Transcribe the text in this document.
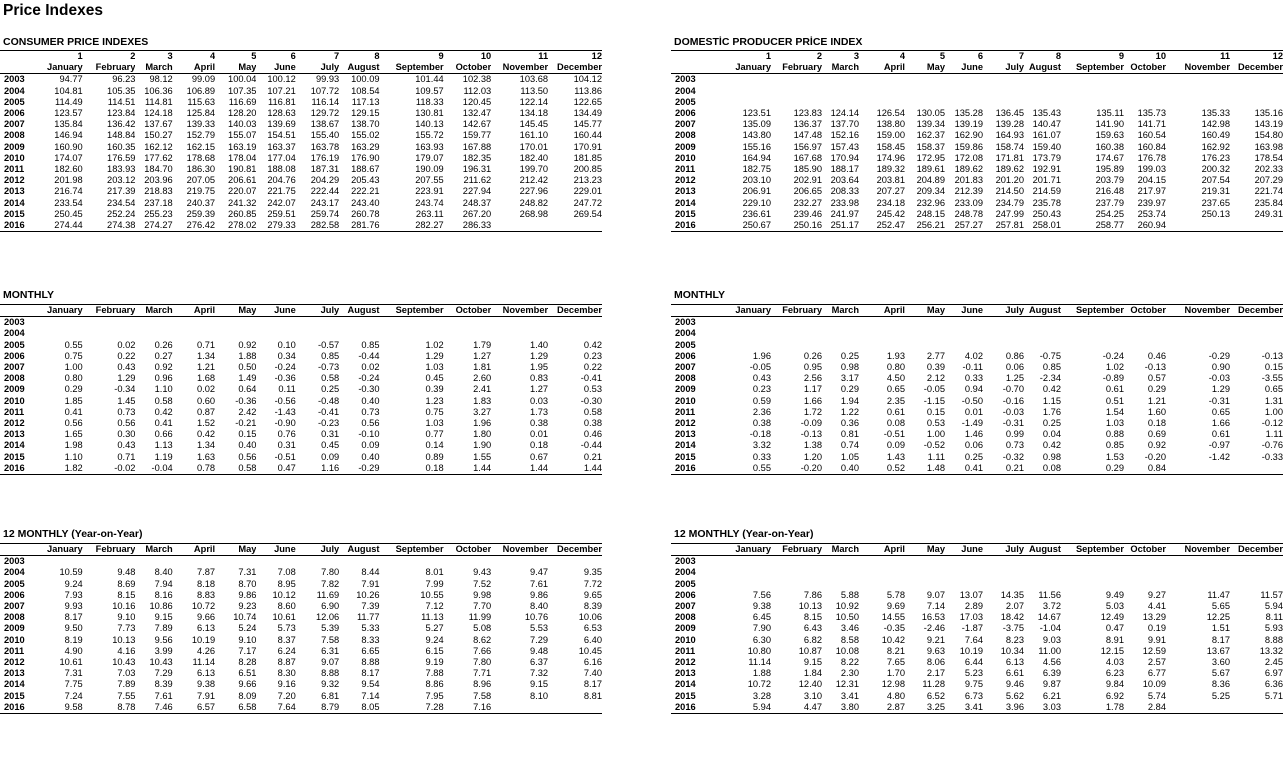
Price Indexes
CONSUMER PRICE INDEXES
	1	2	3	4	5	6	7	8	9	10	11	12
	January	February	March	April	May	June	July	August	September	October	November	December
2003	94.77	96.23	98.12	99.09	100.04	100.12	99.93	100.09	101.44	102.38	103.68	104.12
2004	104.81	105.35	106.36	106.89	107.35	107.21	107.72	108.54	109.57	112.03	113.50	113.86
2005	114.49	114.51	114.81	115.63	116.69	116.81	116.14	117.13	118.33	120.45	122.14	122.65
2006	123.57	123.84	124.18	125.84	128.20	128.63	129.72	129.15	130.81	132.47	134.18	134.49
2007	135.84	136.42	137.67	139.33	140.03	139.69	138.67	138.70	140.13	142.67	145.45	145.77
2008	146.94	148.84	150.27	152.79	155.07	154.51	155.40	155.02	155.72	159.77	161.10	160.44
2009	160.90	160.35	162.12	162.15	163.19	163.37	163.78	163.29	163.93	167.88	170.01	170.91
2010	174.07	176.59	177.62	178.68	178.04	177.04	176.19	176.90	179.07	182.35	182.40	181.85
2011	182.60	183.93	184.70	186.30	190.81	188.08	187.31	188.67	190.09	196.31	199.70	200.85
2012	201.98	203.12	203.96	207.05	206.61	204.76	204.29	205.43	207.55	211.62	212.42	213.23
2013	216.74	217.39	218.83	219.75	220.07	221.75	222.44	222.21	223.91	227.94	227.96	229.01
2014	233.54	234.54	237.18	240.37	241.32	242.07	243.17	243.40	243.74	248.37	248.82	247.72
2015	250.45	252.24	255.23	259.39	260.85	259.51	259.74	260.78	263.11	267.20	268.98	269.54
2016	274.44	274.38	274.27	276.42	278.02	279.33	282.58	281.76	282.27	286.33		
DOMESTİC PRODUCER PRİCE INDEX
	1	2	3	4	5	6	7	8	9	10	11	12
	January	February	March	April	May	June	July	August	September	October	November	December
2003												
2004												
2005												
2006	123.51	123.83	124.14	126.54	130.05	135.28	136.45	135.43	135.11	135.73	135.33	135.16
2007	135.09	136.37	137.70	138.80	139.34	139.19	139.28	140.47	141.90	141.71	142.98	143.19
2008	143.80	147.48	152.16	159.00	162.37	162.90	164.93	161.07	159.63	160.54	160.49	154.80
2009	155.16	156.97	157.43	158.45	158.37	159.86	158.74	159.40	160.38	160.84	162.92	163.98
2010	164.94	167.68	170.94	174.96	172.95	172.08	171.81	173.79	174.67	176.78	176.23	178.54
2011	182.75	185.90	188.17	189.32	189.61	189.62	189.62	192.91	195.89	199.03	200.32	202.33
2012	203.10	202.91	203.64	203.81	204.89	201.83	201.20	201.71	203.79	204.15	207.54	207.29
2013	206.91	206.65	208.33	207.27	209.34	212.39	214.50	214.59	216.48	217.97	219.31	221.74
2014	229.10	232.27	233.98	234.18	232.96	233.09	234.79	235.78	237.79	239.97	237.65	235.84
2015	236.61	239.46	241.97	245.42	248.15	248.78	247.99	250.43	254.25	253.74	250.13	249.31
2016	250.67	250.16	251.17	252.47	256.21	257.27	257.81	258.01	258.77	260.94		
MONTHLY
	January	February	March	April	May	June	July	August	September	October	November	December
2003												
2004												
2005	0.55	0.02	0.26	0.71	0.92	0.10	-0.57	0.85	1.02	1.79	1.40	0.42
2006	0.75	0.22	0.27	1.34	1.88	0.34	0.85	-0.44	1.29	1.27	1.29	0.23
2007	1.00	0.43	0.92	1.21	0.50	-0.24	-0.73	0.02	1.03	1.81	1.95	0.22
2008	0.80	1.29	0.96	1.68	1.49	-0.36	0.58	-0.24	0.45	2.60	0.83	-0.41
2009	0.29	-0.34	1.10	0.02	0.64	0.11	0.25	-0.30	0.39	2.41	1.27	0.53
2010	1.85	1.45	0.58	0.60	-0.36	-0.56	-0.48	0.40	1.23	1.83	0.03	-0.30
2011	0.41	0.73	0.42	0.87	2.42	-1.43	-0.41	0.73	0.75	3.27	1.73	0.58
2012	0.56	0.56	0.41	1.52	-0.21	-0.90	-0.23	0.56	1.03	1.96	0.38	0.38
2013	1.65	0.30	0.66	0.42	0.15	0.76	0.31	-0.10	0.77	1.80	0.01	0.46
2014	1.98	0.43	1.13	1.34	0.40	0.31	0.45	0.09	0.14	1.90	0.18	-0.44
2015	1.10	0.71	1.19	1.63	0.56	-0.51	0.09	0.40	0.89	1.55	0.67	0.21
2016	1.82	-0.02	-0.04	0.78	0.58	0.47	1.16	-0.29	0.18	1.44	1.44	1.44
MONTHLY
	January	February	March	April	May	June	July	August	September	October	November	December
2003												
2004												
2005												
2006	1.96	0.26	0.25	1.93	2.77	4.02	0.86	-0.75	-0.24	0.46	-0.29	-0.13
2007	-0.05	0.95	0.98	0.80	0.39	-0.11	0.06	0.85	1.02	-0.13	0.90	0.15
2008	0.43	2.56	3.17	4.50	2.12	0.33	1.25	-2.34	-0.89	0.57	-0.03	-3.55
2009	0.23	1.17	0.29	0.65	-0.05	0.94	-0.70	0.42	0.61	0.29	1.29	0.65
2010	0.59	1.66	1.94	2.35	-1.15	-0.50	-0.16	1.15	0.51	1.21	-0.31	1.31
2011	2.36	1.72	1.22	0.61	0.15	0.01	-0.03	1.76	1.54	1.60	0.65	1.00
2012	0.38	-0.09	0.36	0.08	0.53	-1.49	-0.31	0.25	1.03	0.18	1.66	-0.12
2013	-0.18	-0.13	0.81	-0.51	1.00	1.46	0.99	0.04	0.88	0.69	0.61	1.11
2014	3.32	1.38	0.74	0.09	-0.52	0.06	0.73	0.42	0.85	0.92	-0.97	-0.76
2015	0.33	1.20	1.05	1.43	1.11	0.25	-0.32	0.98	1.53	-0.20	-1.42	-0.33
2016	0.55	-0.20	0.40	0.52	1.48	0.41	0.21	0.08	0.29	0.84		
12 MONTHLY (Year-on-Year)
	January	February	March	April	May	June	July	August	September	October	November	December
2003												
2004	10.59	9.48	8.40	7.87	7.31	7.08	7.80	8.44	8.01	9.43	9.47	9.35
2005	9.24	8.69	7.94	8.18	8.70	8.95	7.82	7.91	7.99	7.52	7.61	7.72
2006	7.93	8.15	8.16	8.83	9.86	10.12	11.69	10.26	10.55	9.98	9.86	9.65
2007	9.93	10.16	10.86	10.72	9.23	8.60	6.90	7.39	7.12	7.70	8.40	8.39
2008	8.17	9.10	9.15	9.66	10.74	10.61	12.06	11.77	11.13	11.99	10.76	10.06
2009	9.50	7.73	7.89	6.13	5.24	5.73	5.39	5.33	5.27	5.08	5.53	6.53
2010	8.19	10.13	9.56	10.19	9.10	8.37	7.58	8.33	9.24	8.62	7.29	6.40
2011	4.90	4.16	3.99	4.26	7.17	6.24	6.31	6.65	6.15	7.66	9.48	10.45
2012	10.61	10.43	10.43	11.14	8.28	8.87	9.07	8.88	9.19	7.80	6.37	6.16
2013	7.31	7.03	7.29	6.13	6.51	8.30	8.88	8.17	7.88	7.71	7.32	7.40
2014	7.75	7.89	8.39	9.38	9.66	9.16	9.32	9.54	8.86	8.96	9.15	8.17
2015	7.24	7.55	7.61	7.91	8.09	7.20	6.81	7.14	7.95	7.58	8.10	8.81
2016	9.58	8.78	7.46	6.57	6.58	7.64	8.79	8.05	7.28	7.16		
12 MONTHLY (Year-on-Year)
	January	February	March	April	May	June	July	August	September	October	November	December
2003												
2004												
2005												
2006	7.56	7.86	5.88	5.78	9.07	13.07	14.35	11.56	9.49	9.27	11.47	11.57
2007	9.38	10.13	10.92	9.69	7.14	2.89	2.07	3.72	5.03	4.41	5.65	5.94
2008	6.45	8.15	10.50	14.55	16.53	17.03	18.42	14.67	12.49	13.29	12.25	8.11
2009	7.90	6.43	3.46	-0.35	-2.46	-1.87	-3.75	-1.04	0.47	0.19	1.51	5.93
2010	6.30	6.82	8.58	10.42	9.21	7.64	8.23	9.03	8.91	9.91	8.17	8.88
2011	10.80	10.87	10.08	8.21	9.63	10.19	10.34	11.00	12.15	12.59	13.67	13.32
2012	11.14	9.15	8.22	7.65	8.06	6.44	6.13	4.56	4.03	2.57	3.60	2.45
2013	1.88	1.84	2.30	1.70	2.17	5.23	6.61	6.39	6.23	6.77	5.67	6.97
2014	10.72	12.40	12.31	12.98	11.28	9.75	9.46	9.87	9.84	10.09	8.36	6.36
2015	3.28	3.10	3.41	4.80	6.52	6.73	5.62	6.21	6.92	5.74	5.25	5.71
2016	5.94	4.47	3.80	2.87	3.25	3.41	3.96	3.03	1.78	2.84		
